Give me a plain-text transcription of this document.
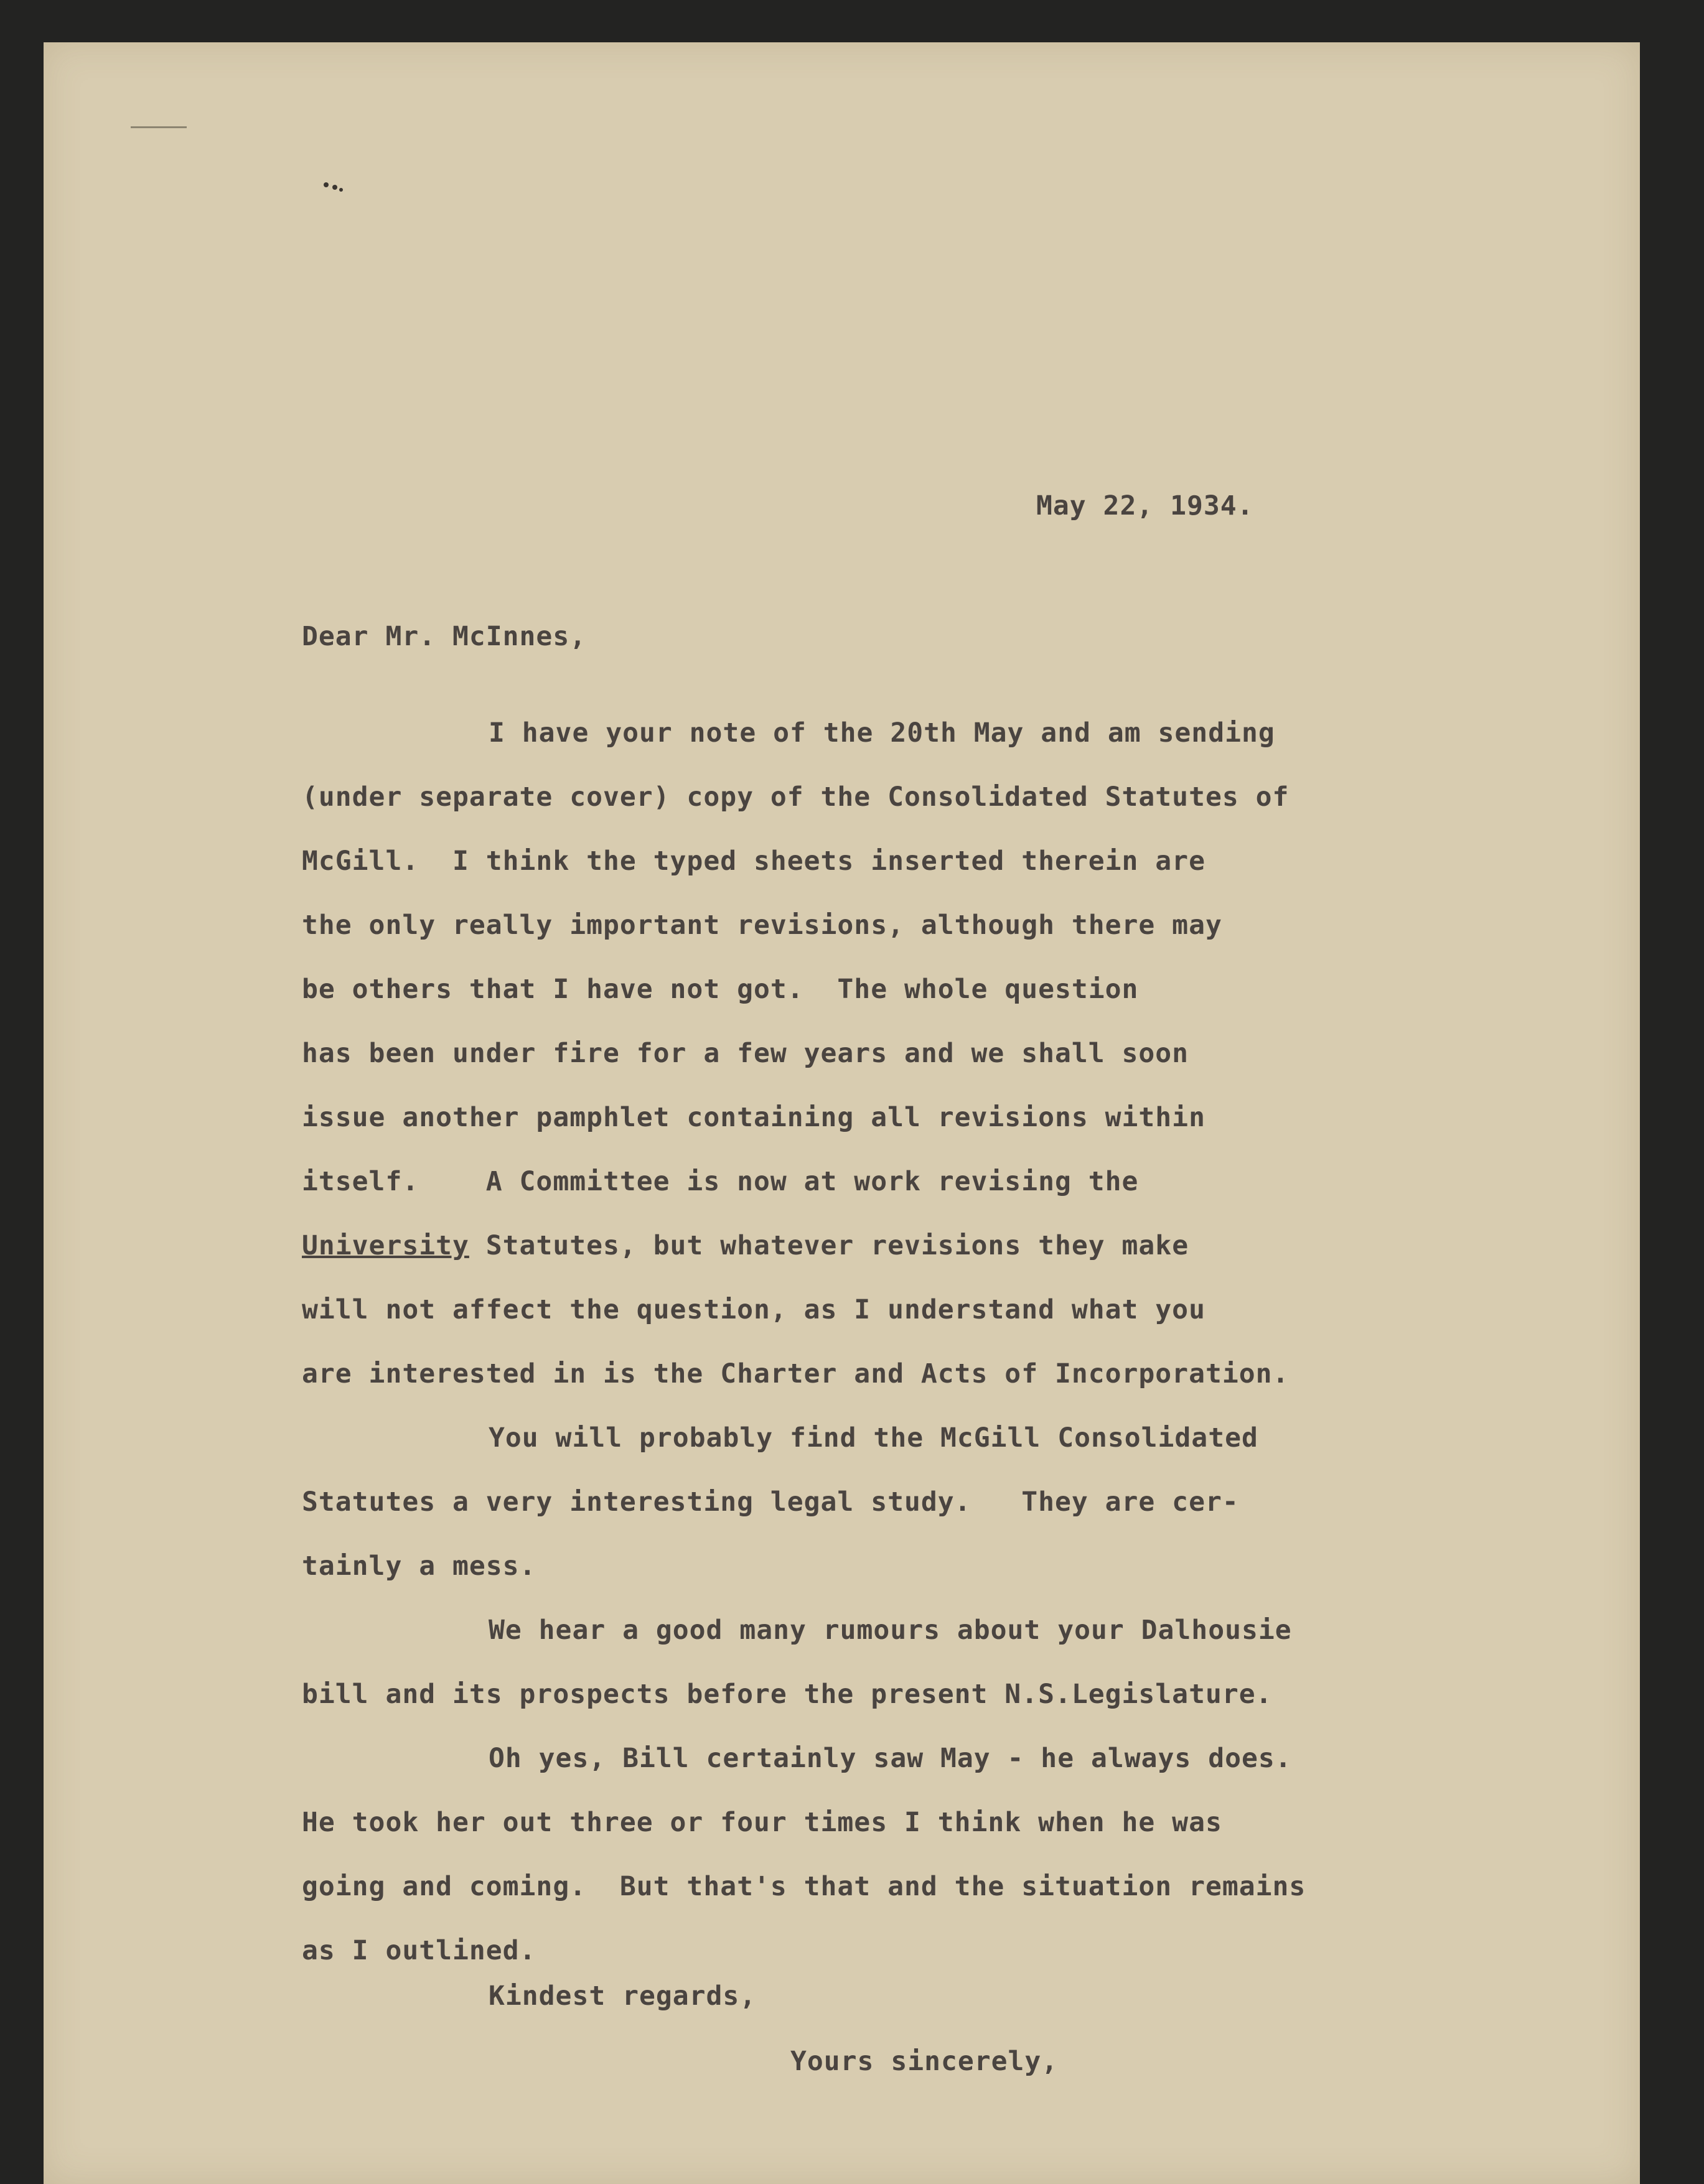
May 22, 1934.
Dear Mr. McInnes,
I have your note of the 20th May and am sending
(under separate cover) copy of the Consolidated Statutes of
McGill.  I think the typed sheets inserted therein are
the only really important revisions, although there may
be others that I have not got.  The whole question
has been under fire for a few years and we shall soon
issue another pamphlet containing all revisions within
itself.    A Committee is now at work revising the
University Statutes, but whatever revisions they make
will not affect the question, as I understand what you
are interested in is the Charter and Acts of Incorporation.
You will probably find the McGill Consolidated
Statutes a very interesting legal study.   They are cer-
tainly a mess.
We hear a good many rumours about your Dalhousie
bill and its prospects before the present N.S.Legislature.
Oh yes, Bill certainly saw May - he always does.
He took her out three or four times I think when he was
going and coming.  But that's that and the situation remains
as I outlined.
Kindest regards,
Yours sincerely,
